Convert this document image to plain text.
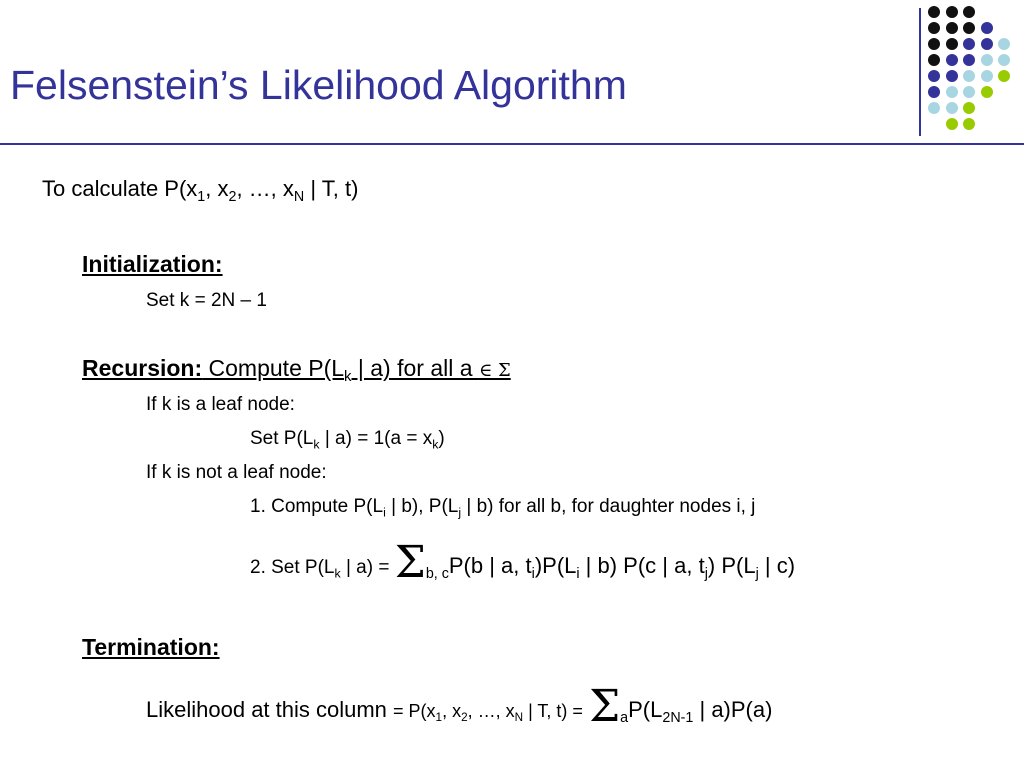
Felsenstein’s Likelihood Algorithm
To calculate $P(x_1$, $x_2$, …, $x_N$ | T, t)
Initialization:
Set k = 2N – 1
Recursion: Compute $P(L_k$ | a) for all a ∈ Σ
If k is a leaf node:
Set $P(L_k$ | $a) = 1(a = x_k)$
If k is not a leaf node:
1. Compute $P(L_i$ | b), $P(L_j$ | b) for all b, for daughter nodes i, j
2. Set $P(L_k$ | $a) = \Sigma_{b, c}P(b$ | a, $t_i)P(L_i$ | b) P(c | a, $t_j$) $P(L_j$ | c)
Termination:
Likelihood at this column = $P(x_1$, $x_2$, …, $x_N$ | T, $t) = \Sigma_aP(L_{2N-1}$ | a)P(a)
